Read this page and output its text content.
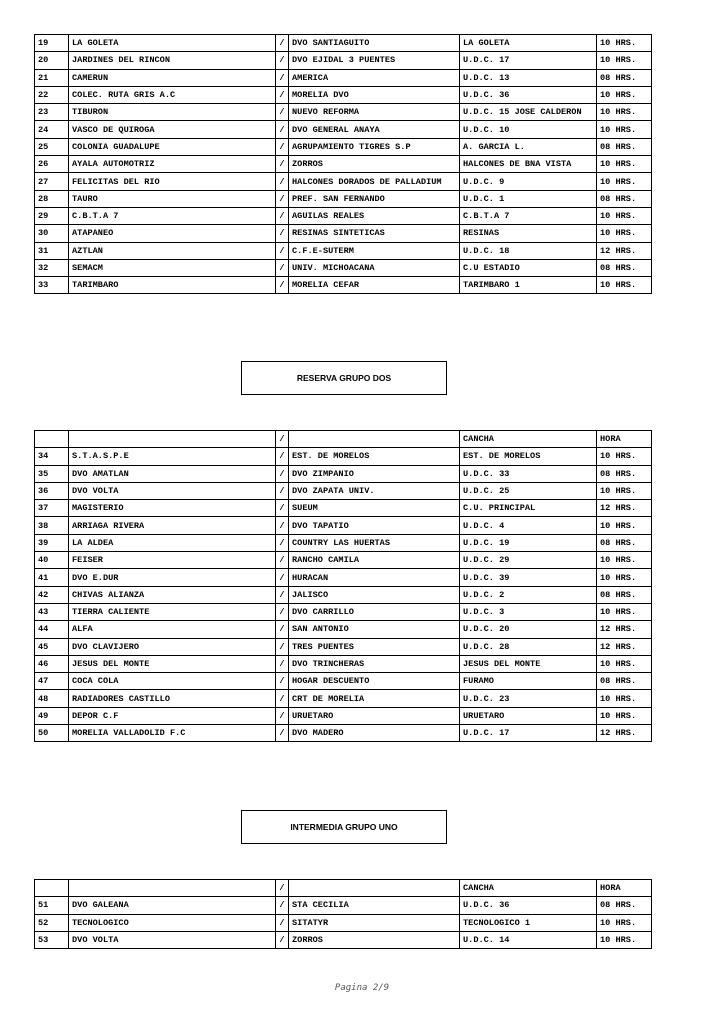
19	LA GOLETA	/	DVO SANTIAGUITO	LA GOLETA	10 HRS.
20	JARDINES DEL RINCON	/	DVO EJIDAL 3 PUENTES	U.D.C. 17	10 HRS.
21	CAMERUN	/	AMERICA	U.D.C. 13	08 HRS.
22	COLEC. RUTA GRIS A.C	/	MORELIA DVO	U.D.C. 36	10 HRS.
23	TIBURON	/	NUEVO REFORMA	U.D.C. 15 JOSE CALDERON	10 HRS.
24	VASCO DE QUIROGA	/	DVO GENERAL ANAYA	U.D.C. 10	10 HRS.
25	COLONIA GUADALUPE	/	AGRUPAMIENTO TIGRES S.P	A. GARCIA L.	08 HRS.
26	AYALA AUTOMOTRIZ	/	ZORROS	HALCONES DE BNA VISTA	10 HRS.
27	FELICITAS DEL RIO	/	HALCONES DORADOS DE PALLADIUM	U.D.C. 9	10 HRS.
28	TAURO	/	PREF. SAN FERNANDO	U.D.C. 1	08 HRS.
29	C.B.T.A 7	/	AGUILAS REALES	C.B.T.A 7	10 HRS.
30	ATAPANEO	/	RESINAS SINTETICAS	RESINAS	10 HRS.
31	AZTLAN	/	C.F.E-SUTERM	U.D.C. 18	12 HRS.
32	SEMACM	/	UNIV. MICHOACANA	C.U ESTADIO	08 HRS.
33	TARIMBARO	/	MORELIA CEFAR	TARIMBARO 1	10 HRS.
RESERVA GRUPO DOS
		/		CANCHA	HORA
34	S.T.A.S.P.E	/	EST. DE MORELOS	EST. DE MORELOS	10 HRS.
35	DVO AMATLAN	/	DVO ZIMPANIO	U.D.C. 33	08 HRS.
36	DVO VOLTA	/	DVO ZAPATA UNIV.	U.D.C. 25	10 HRS.
37	MAGISTERIO	/	SUEUM	C.U. PRINCIPAL	12 HRS.
38	ARRIAGA RIVERA	/	DVO TAPATIO	U.D.C. 4	10 HRS.
39	LA ALDEA	/	COUNTRY LAS HUERTAS	U.D.C. 19	08 HRS.
40	FEISER	/	RANCHO CAMILA	U.D.C. 29	10 HRS.
41	DVO E.DUR	/	HURACAN	U.D.C. 39	10 HRS.
42	CHIVAS ALIANZA	/	JALISCO	U.D.C. 2	08 HRS.
43	TIERRA CALIENTE	/	DVO CARRILLO	U.D.C. 3	10 HRS.
44	ALFA	/	SAN ANTONIO	U.D.C. 20	12 HRS.
45	DVO CLAVIJERO	/	TRES PUENTES	U.D.C. 28	12 HRS.
46	JESUS DEL MONTE	/	DVO TRINCHERAS	JESUS DEL MONTE	10 HRS.
47	COCA COLA	/	HOGAR DESCUENTO	FURAMO	08 HRS.
48	RADIADORES CASTILLO	/	CRT DE MORELIA	U.D.C. 23	10 HRS.
49	DEPOR C.F	/	URUETARO	URUETARO	10 HRS.
50	MORELIA VALLADOLID F.C	/	DVO MADERO	U.D.C. 17	12 HRS.
INTERMEDIA GRUPO UNO
		/		CANCHA	HORA
51	DVO GALEANA	/	STA CECILIA	U.D.C. 36	08 HRS.
52	TECNOLOGICO	/	SITATYR	TECNOLOGICO 1	10 HRS.
53	DVO VOLTA	/	ZORROS	U.D.C. 14	10 HRS.
Pagina 2/9
